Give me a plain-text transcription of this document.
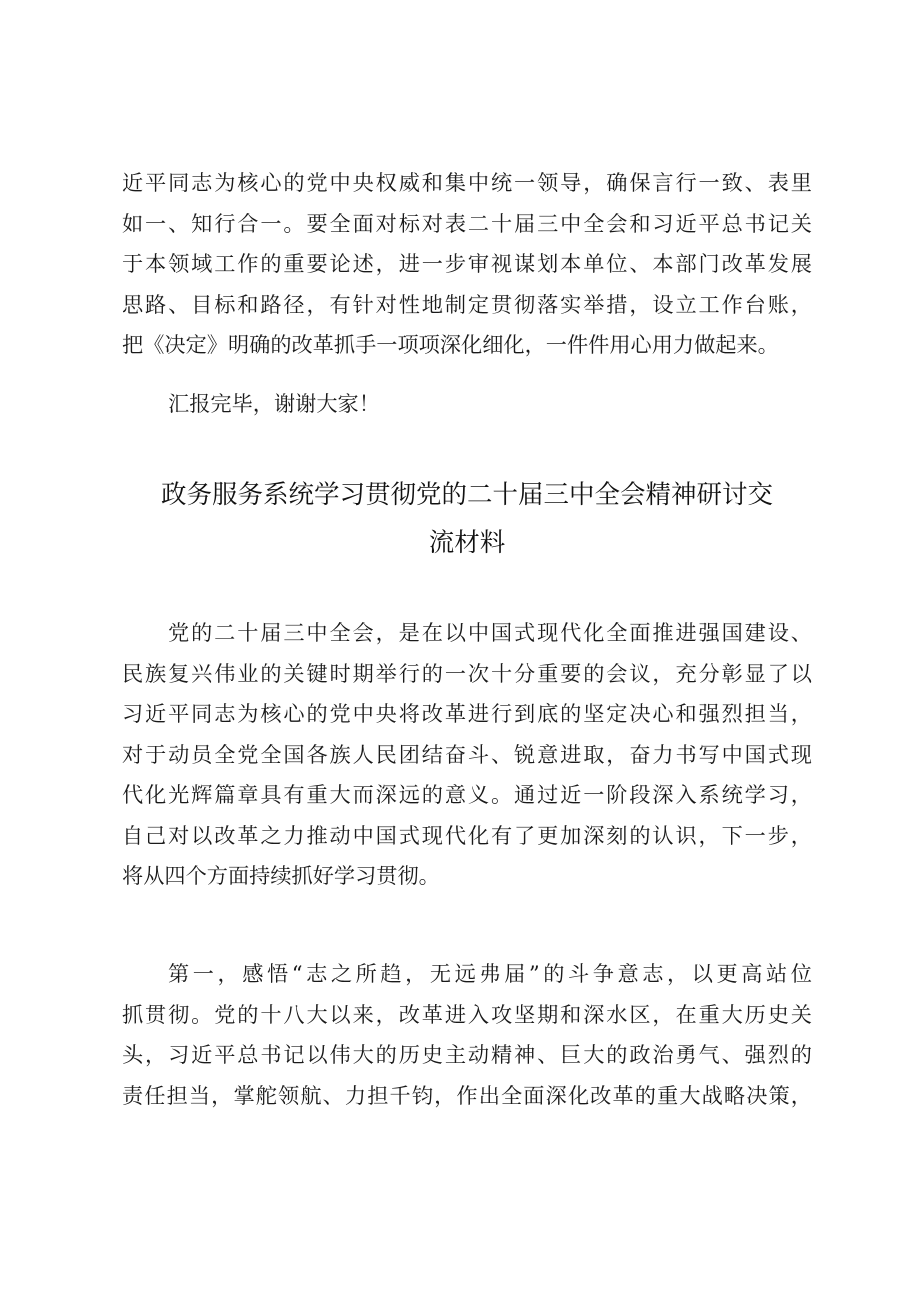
近平同志为核心的党中央权威和集中统一领导，确保言行一致、表里
如一、知行合一。要全面对标对表二十届三中全会和习近平总书记关
于本领域工作的重要论述，进一步审视谋划本单位、本部门改革发展
思路、目标和路径，有针对性地制定贯彻落实举措，设立工作台账，
把《决定》明确的改革抓手一项项深化细化，一件件用心用力做起来。
汇报完毕，谢谢大家！
政务服务系统学习贯彻党的二十届三中全会精神研讨交
流材料
党的二十届三中全会，是在以中国式现代化全面推进强国建设、
民族复兴伟业的关键时期举行的一次十分重要的会议，充分彰显了以
习近平同志为核心的党中央将改革进行到底的坚定决心和强烈担当，
对于动员全党全国各族人民团结奋斗、锐意进取，奋力书写中国式现
代化光辉篇章具有重大而深远的意义。通过近一阶段深入系统学习，
自己对以改革之力推动中国式现代化有了更加深刻的认识，下一步，
将从四个方面持续抓好学习贯彻。
第一，感悟“志之所趋，无远弗届”的斗争意志，以更高站位
抓贯彻。党的十八大以来，改革进入攻坚期和深水区，在重大历史关
头，习近平总书记以伟大的历史主动精神、巨大的政治勇气、强烈的
责任担当，掌舵领航、力担千钧，作出全面深化改革的重大战略决策，
